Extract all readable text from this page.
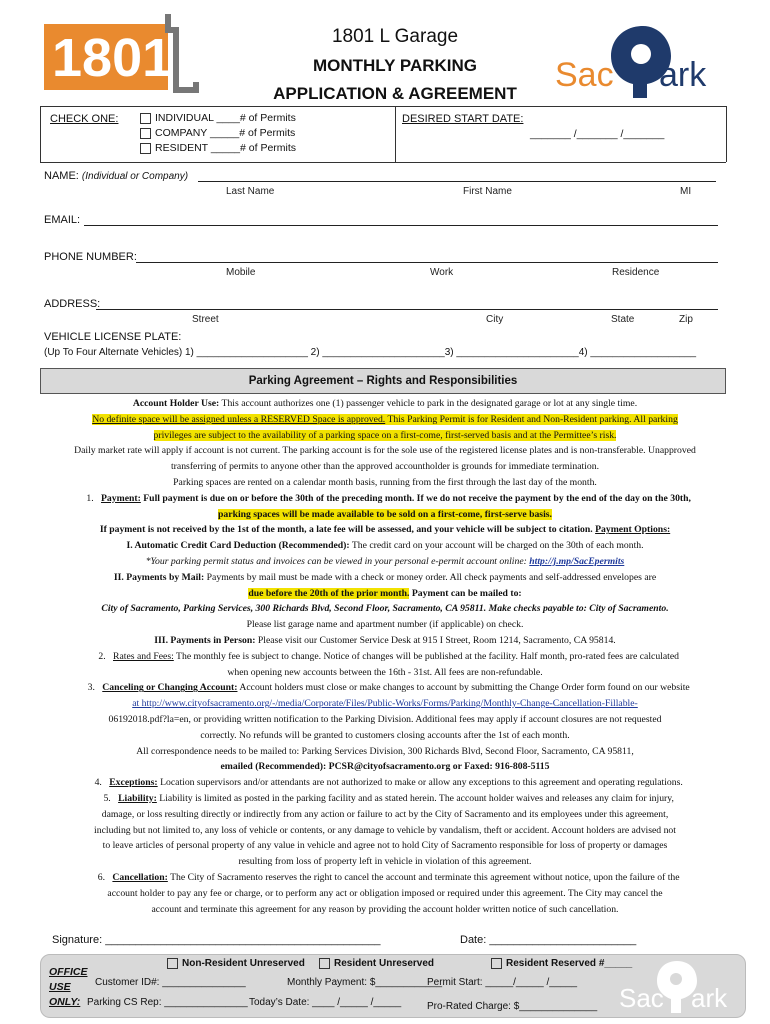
1801	1801 L Garage
MONTHLY PARKING
APPLICATION & AGREEMENT	Sac ark
CHECK ONE:	INDIVIDUAL ____# of Permits
COMPANY _____# of Permits
RESIDENT _____# of Permits
DESIRED START DATE:
_______ /_______ /_______
NAME: (Individual or Company)
Last Name	First Name	MI
EMAIL:
PHONE NUMBER:
Mobile	Work	Residence
ADDRESS:
Street	City	State	Zip
VEHICLE LICENSE PLATE:
(Up To Four Alternate Vehicles) 1) ____________________ 2) ______________________3) ______________________4) ___________________
Parking Agreement – Rights and Responsibilities

Account Holder Use: This account authorizes one (1) passenger vehicle to park in the designated garage or lot at any single time.

No definite space will be assigned unless a RESERVED Space is approved. This Parking Permit is for Resident and Non-Resident parking. All parking

privileges are subject to the availability of a parking space on a first-come, first-served basis and at the Permittee’s risk.

Daily market rate will apply if account is not current. The parking account is for the sole use of the registered license plates and is non-transferable. Unapproved

transferring of permits to anyone other than the approved accountholder is grounds for immediate termination.

Parking spaces are rented on a calendar month basis, running from the first through the last day of the month.

1. Payment: Full payment is due on or before the 30th of the preceding month. If we do not receive the payment by the end of the day on the 30th,

parking spaces will be made available to be sold on a first-come, first-serve basis.

If payment is not received by the 1st of the month, a late fee will be assessed, and your vehicle will be subject to citation. Payment Options:

I. Automatic Credit Card Deduction (Recommended): The credit card on your account will be charged on the 30th of each month.

*Your parking permit status and invoices can be viewed in your personal e-permit account online: http://j.mp/SacEpermits

II. Payments by Mail: Payments by mail must be made with a check or money order. All check payments and self-addressed envelopes are

due before the 20th of the prior month. Payment can be mailed to:

City of Sacramento, Parking Services, 300 Richards Blvd, Second Floor, Sacramento, CA 95811. Make checks payable to: City of Sacramento.

Please list garage name and apartment number (if applicable) on check.

III. Payments in Person: Please visit our Customer Service Desk at 915 I Street, Room 1214, Sacramento, CA 95814.

2. Rates and Fees: The monthly fee is subject to change. Notice of changes will be published at the facility. Half month, pro-rated fees are calculated

when opening new accounts between the 16th - 31st. All fees are non-refundable.

3. Canceling or Changing Account: Account holders must close or make changes to account by submitting the Change Order form found on our website

at http://www.cityofsacramento.org/-/media/Corporate/Files/Public-Works/Forms/Parking/Monthly-Change-Cancellation-Fillable-

06192018.pdf?la=en, or providing written notification to the Parking Division. Additional fees may apply if account closures are not requested

correctly. No refunds will be granted to customers closing accounts after the 1st of each month.

All correspondence needs to be mailed to: Parking Services Division, 300 Richards Blvd, Second Floor, Sacramento, CA 95811,

emailed (Recommended): PCSR@cityofsacramento.org or Faxed: 916-808-5115

4. Exceptions: Location supervisors and/or attendants are not authorized to make or allow any exceptions to this agreement and operating regulations.

5. Liability: Liability is limited as posted in the parking facility and as stated herein. The account holder waives and releases any claim for injury,

damage, or loss resulting directly or indirectly from any action or failure to act by the City of Sacramento and its employees under this agreement,

including but not limited to, any loss of vehicle or contents, or any damage to vehicle by vandalism, theft or accident. Account holders are advised not

to leave articles of personal property of any value in vehicle and agree not to hold City of Sacramento responsible for loss of property or damages

resulting from loss of property left in vehicle in violation of this agreement.

6. Cancellation: The City of Sacramento reserves the right to cancel the account and terminate this agreement without notice, upon the failure of the

account holder to pay any fee or charge, or to perform any act or obligation imposed or required under this agreement. The City may cancel the

account and terminate this agreement for any reason by providing the account holder written notice of such cancellation.

Signature: _____________________________________________	Date: ________________________
OFFICE USE ONLY:
Non-Resident Unreserved	Resident Unreserved	Resident Reserved #_____
Customer ID#: _______________	Monthly Payment: $____________
Permit Start: _____/_____ /_____
Parking CS Rep: _______________ Today’s Date: ____ /_____ /_____	Pro-Rated Charge: $______________ Sac ark
